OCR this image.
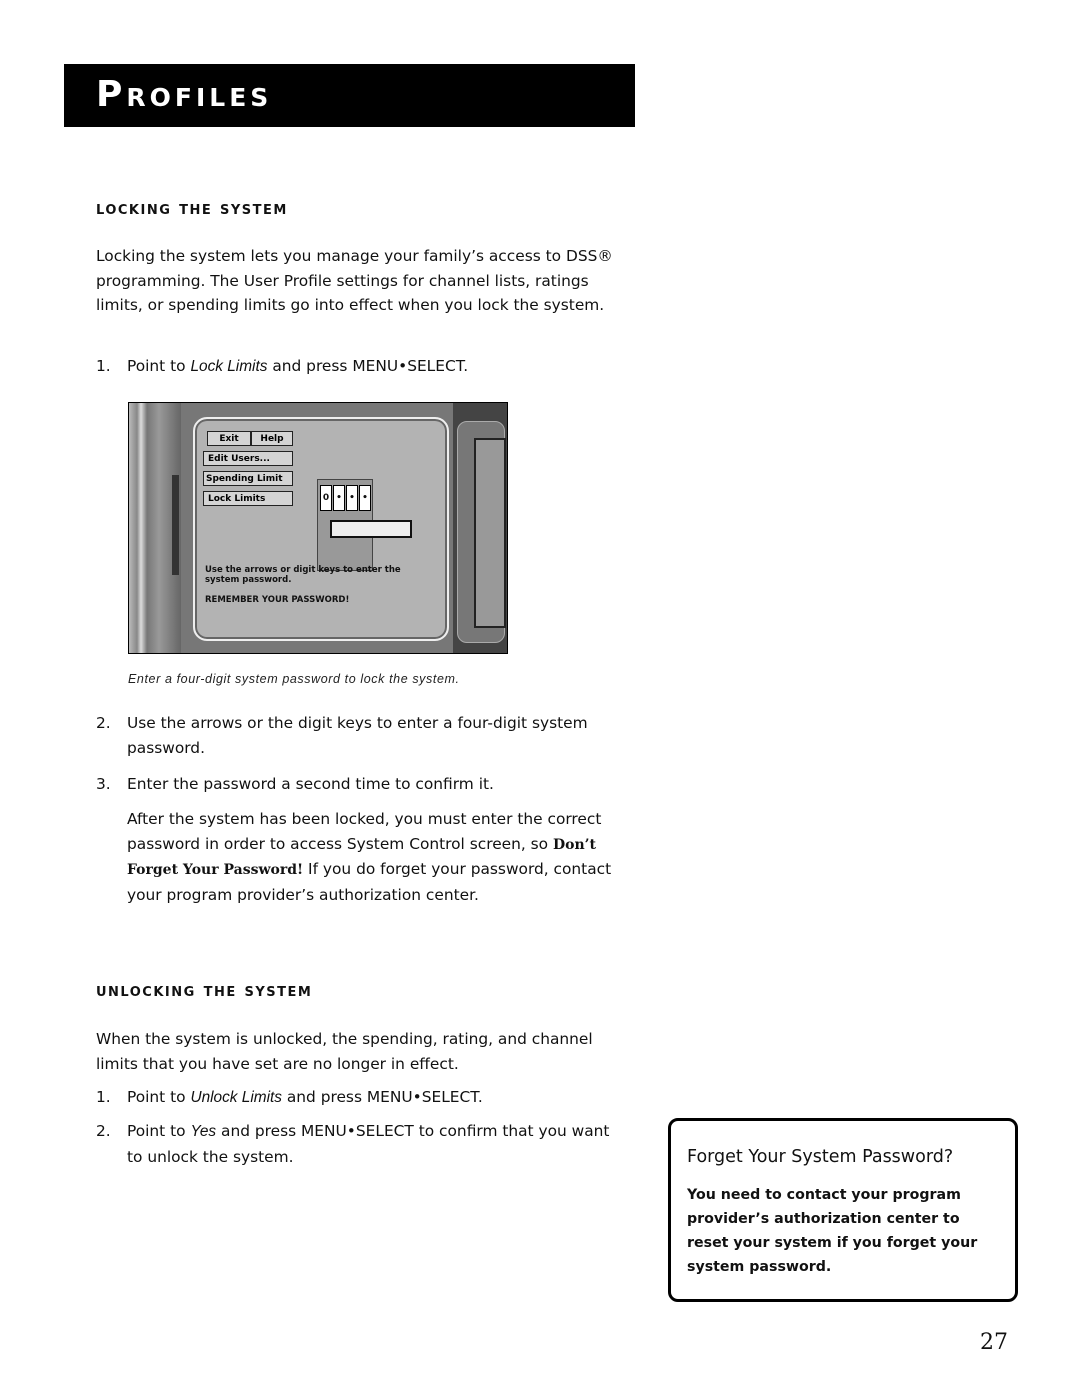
Profiles
locking the system

Locking the system lets you manage your family’s access to DSS® programming. The User Profile settings for channel lists, ratings limits, or spending limits go into effect when you lock the system.

1. Point to Lock Limits and press MENU•SELECT.
Exit	Help
Edit Users...
Spending Limit
Lock Limits	0 • • •
Use the arrows or digit keys to enter the system password.
REMEMBER YOUR PASSWORD!
Enter a four-digit system password to lock the system.
2. Use the arrows or the digit keys to enter a four-digit system password.
3. Enter the password a second time to confirm it.
After the system has been locked, you must enter the correct password in order to access System Control screen, so Don’t Forget Your Password! If you do forget your password, contact your program provider’s authorization center.
unlocking the system

When the system is unlocked, the spending, rating, and channel limits that you have set are no longer in effect.

1. Point to Unlock Limits and press MENU•SELECT.
2. Point to Yes and press MENU•SELECT to confirm that you want to unlock the system.	Forget Your System Password?
You need to contact your program provider’s authorization center to reset your system if you forget your system password.
27
